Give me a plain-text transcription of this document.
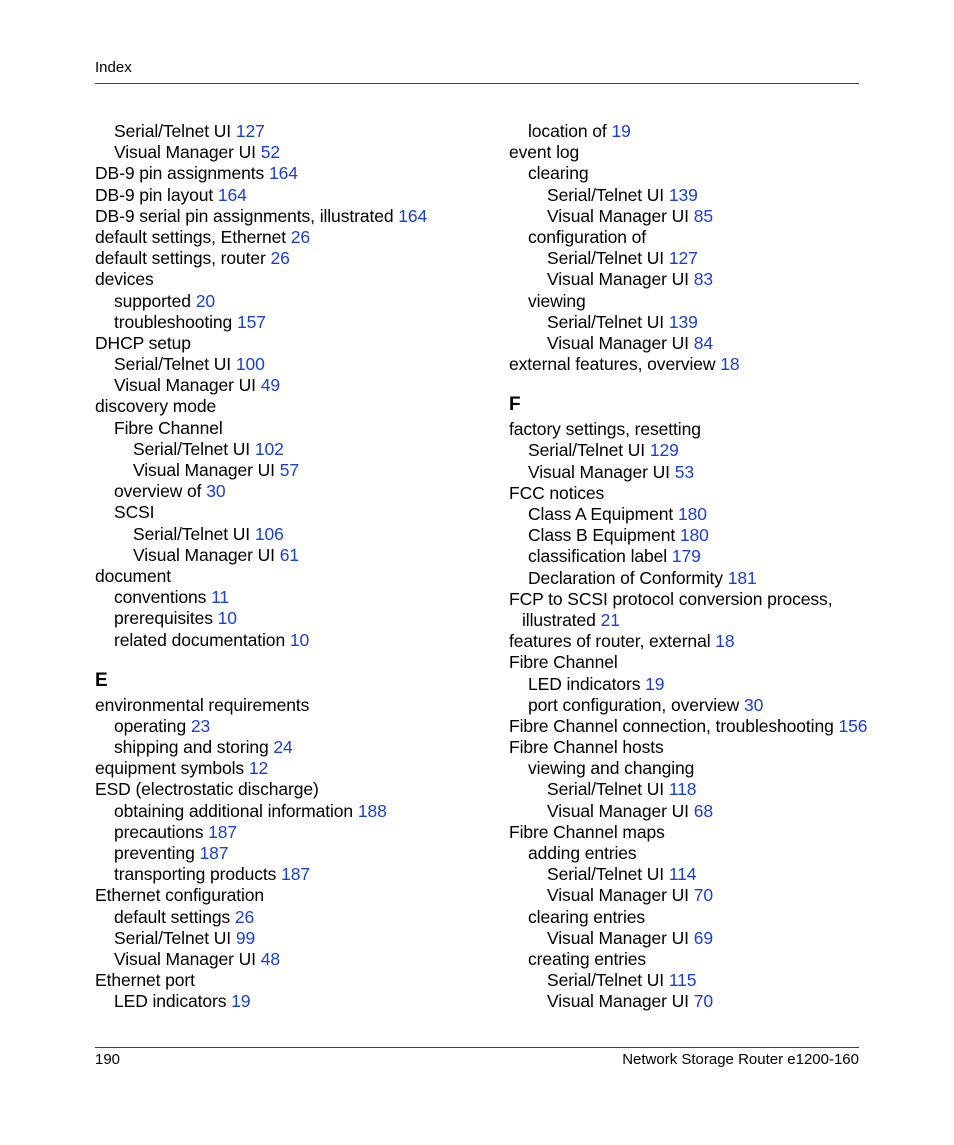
Index
Serial/Telnet UI 127
Visual Manager UI 52
DB-9 pin assignments 164
DB-9 pin layout 164
DB-9 serial pin assignments, illustrated 164
default settings, Ethernet 26
default settings, router 26
devices
supported 20
troubleshooting 157
DHCP setup
Serial/Telnet UI 100
Visual Manager UI 49
discovery mode
Fibre Channel
Serial/Telnet UI 102
Visual Manager UI 57
overview of 30
SCSI
Serial/Telnet UI 106
Visual Manager UI 61
document
conventions 11
prerequisites 10
related documentation 10
E
environmental requirements
operating 23
shipping and storing 24
equipment symbols 12
ESD (electrostatic discharge)
obtaining additional information 188
precautions 187
preventing 187
transporting products 187
Ethernet configuration
default settings 26
Serial/Telnet UI 99
Visual Manager UI 48
Ethernet port
LED indicators 19
location of 19
event log
clearing
Serial/Telnet UI 139
Visual Manager UI 85
configuration of
Serial/Telnet UI 127
Visual Manager UI 83
viewing
Serial/Telnet UI 139
Visual Manager UI 84
external features, overview 18
F
factory settings, resetting
Serial/Telnet UI 129
Visual Manager UI 53
FCC notices
Class A Equipment 180
Class B Equipment 180
classification label 179
Declaration of Conformity 181
FCP to SCSI protocol conversion process,
illustrated 21
features of router, external 18
Fibre Channel
LED indicators 19
port configuration, overview 30
Fibre Channel connection, troubleshooting 156
Fibre Channel hosts
viewing and changing
Serial/Telnet UI 118
Visual Manager UI 68
Fibre Channel maps
adding entries
Serial/Telnet UI 114
Visual Manager UI 70
clearing entries
Visual Manager UI 69
creating entries
Serial/Telnet UI 115
Visual Manager UI 70
190	Network Storage Router e1200-160
